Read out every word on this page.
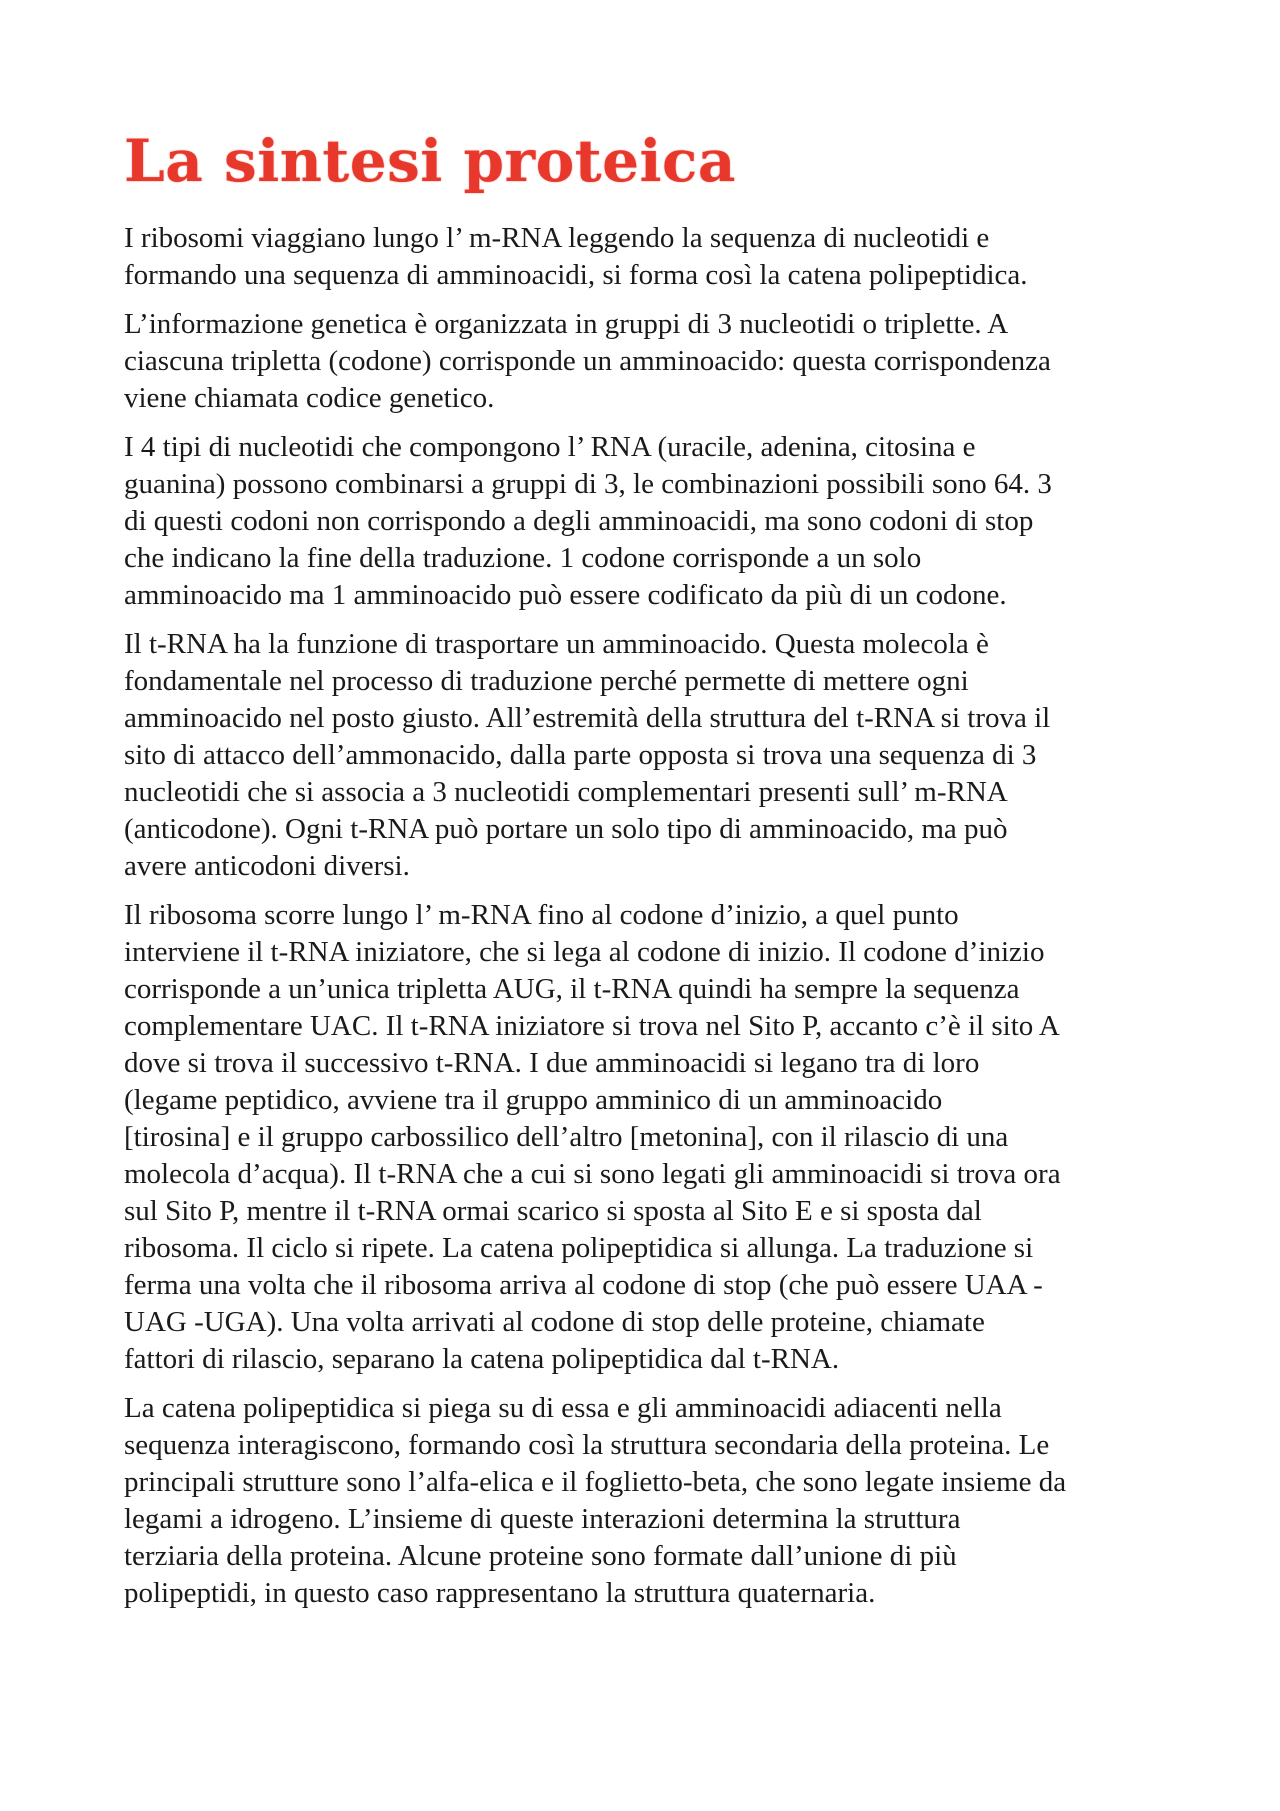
La sintesi proteica

I ribosomi viaggiano lungo l’ m-RNA leggendo la sequenza di nucleotidi e
formando una sequenza di amminoacidi, si forma così la catena polipeptidica.

L’informazione genetica è organizzata in gruppi di 3 nucleotidi o triplette. A
ciascuna tripletta (codone) corrisponde un amminoacido: questa corrispondenza
viene chiamata codice genetico.

I 4 tipi di nucleotidi che compongono l’ RNA (uracile, adenina, citosina e
guanina) possono combinarsi a gruppi di 3, le combinazioni possibili sono 64. 3
di questi codoni non corrispondo a degli amminoacidi, ma sono codoni di stop
che indicano la fine della traduzione. 1 codone corrisponde a un solo
amminoacido ma 1 amminoacido può essere codificato da più di un codone.

Il t-RNA ha la funzione di trasportare un amminoacido. Questa molecola è
fondamentale nel processo di traduzione perché permette di mettere ogni
amminoacido nel posto giusto. All’estremità della struttura del t-RNA si trova il
sito di attacco dell’ammonacido, dalla parte opposta si trova una sequenza di 3
nucleotidi che si associa a 3 nucleotidi complementari presenti sull’ m-RNA
(anticodone). Ogni t-RNA può portare un solo tipo di amminoacido, ma può
avere anticodoni diversi.

Il ribosoma scorre lungo l’ m-RNA fino al codone d’inizio, a quel punto
interviene il t-RNA iniziatore, che si lega al codone di inizio. Il codone d’inizio
corrisponde a un’unica tripletta AUG, il t-RNA quindi ha sempre la sequenza
complementare UAC. Il t-RNA iniziatore si trova nel Sito P, accanto c’è il sito A
dove si trova il successivo t-RNA. I due amminoacidi si legano tra di loro
(legame peptidico, avviene tra il gruppo amminico di un amminoacido
[tirosina] e il gruppo carbossilico dell’altro [metonina], con il rilascio di una
molecola d’acqua). Il t-RNA che a cui si sono legati gli amminoacidi si trova ora
sul Sito P, mentre il t-RNA ormai scarico si sposta al Sito E e si sposta dal
ribosoma. Il ciclo si ripete. La catena polipeptidica si allunga. La traduzione si
ferma una volta che il ribosoma arriva al codone di stop (che può essere UAA -
UAG -UGA). Una volta arrivati al codone di stop delle proteine, chiamate
fattori di rilascio, separano la catena polipeptidica dal t-RNA.

La catena polipeptidica si piega su di essa e gli amminoacidi adiacenti nella
sequenza interagiscono, formando così la struttura secondaria della proteina. Le
principali strutture sono l’alfa-elica e il foglietto-beta, che sono legate insieme da
legami a idrogeno. L’insieme di queste interazioni determina la struttura
terziaria della proteina. Alcune proteine sono formate dall’unione di più
polipeptidi, in questo caso rappresentano la struttura quaternaria.
